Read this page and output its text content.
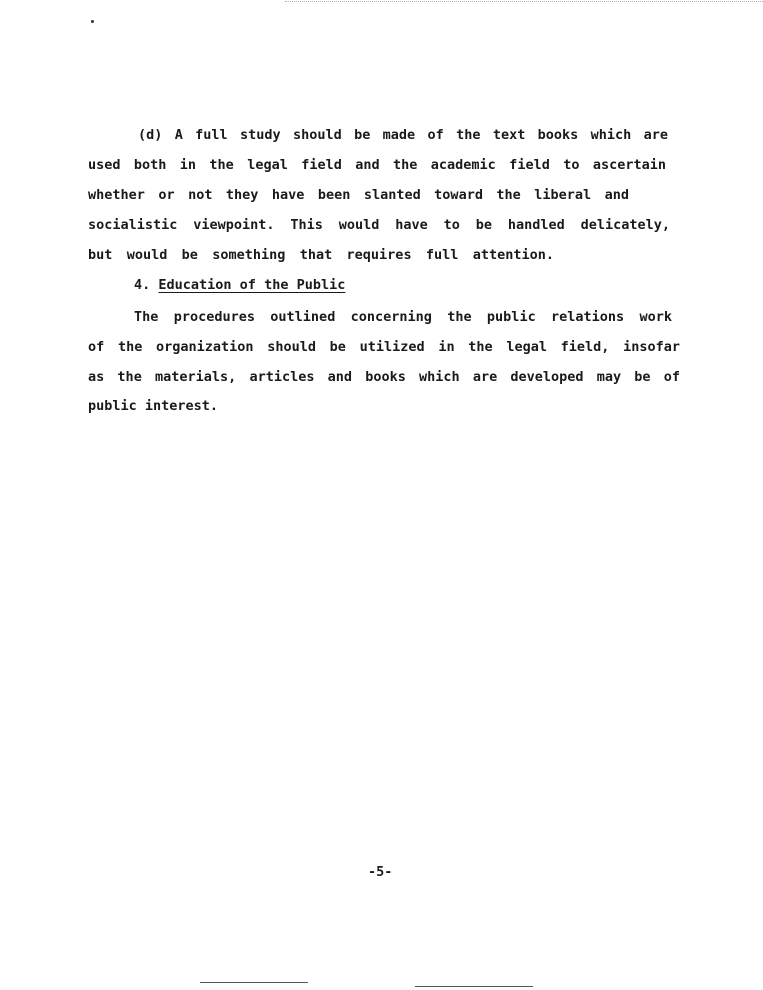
(d) A full study should be made of the text books which are
used both in the legal field and the academic field to ascertain
whether or not they have been slanted toward the liberal and
socialistic viewpoint. This would have to be handled delicately,
but would be something that requires full attention.
4. Education of the Public
The procedures outlined concerning the public relations work
of the organization should be utilized in the legal field, insofar
as the materials, articles and books which are developed may be of
public interest.
-5-
